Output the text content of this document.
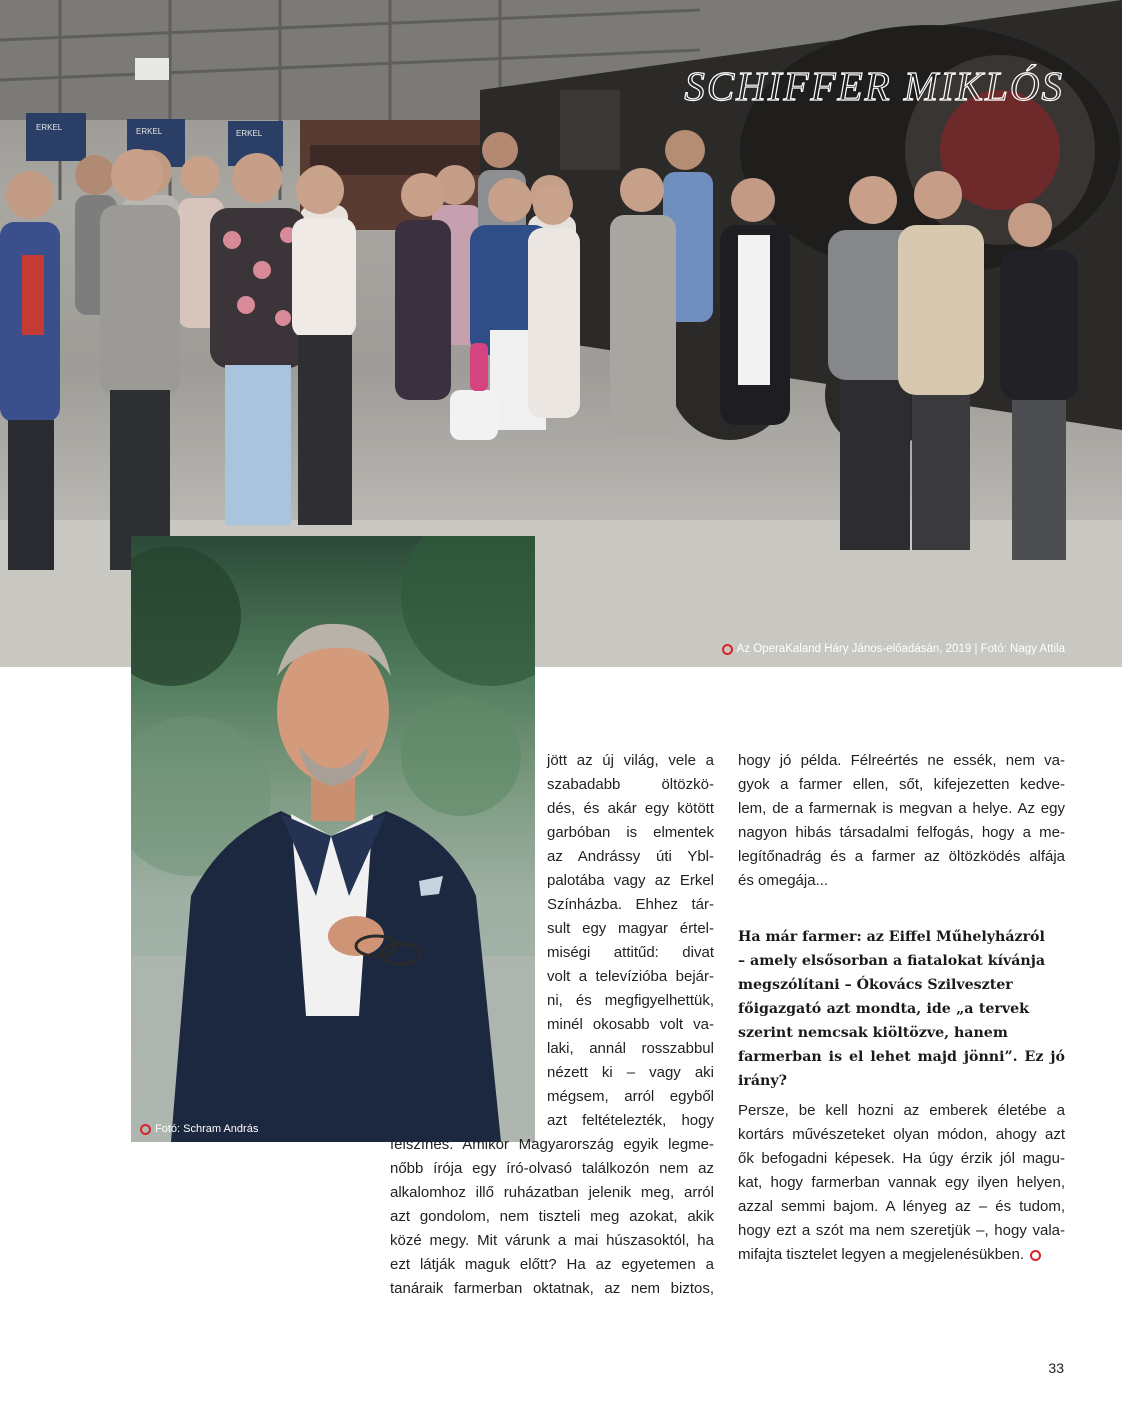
ERKEL	ERKEL	ERKEL
SCHIFFER MIKLÓS
Az OperaKaland Háry János-előadásán, 2019 | Fotó: Nagy Attila
Fotó: Schram András
jött az új világ, vele a
szabadabb öltözkö-
dés, és akár egy kötött
garbóban is elmentek
az Andrássy úti Ybl-
palotába vagy az Erkel
Színházba. Ehhez tár-
sult egy magyar értel-
miségi attitűd: divat
volt a televízióba bejár-
ni, és megfigyelhettük,
minél okosabb volt va-
laki, annál rosszabbul
nézett ki – vagy aki
mégsem, arról egyből
azt feltételezték, hogy
felszínes. Amikor Magyarország egyik legme-
nőbb írója egy író-olvasó találkozón nem az
alkalomhoz illő ruházatban jelenik meg, arról
azt gondolom, nem tiszteli meg azokat, akik
közé megy. Mit várunk a mai húszasoktól, ha
ezt látják maguk előtt? Ha az egyetemen a
tanáraik farmerban oktatnak, az nem biztos,
hogy jó példa. Félreértés ne essék, nem va-
gyok a farmer ellen, sőt, kifejezetten kedve-
lem, de a farmernak is megvan a helye. Az egy
nagyon hibás társadalmi felfogás, hogy a me-
legítőnadrág és a farmer az öltözködés alfája
és omegája...
Ha már farmer: az Eiffel Műhelyházról
– amely elsősorban a fiatalokat kívánja
megszólítani – Ókovács Szilveszter
főigazgató azt mondta, ide „a tervek
szerint nemcsak kiöltözve, hanem
farmerban is el lehet majd jönni”. Ez jó
irány?
Persze, be kell hozni az emberek életébe a
kortárs művészeteket olyan módon, ahogy azt
ők befogadni képesek. Ha úgy érzik jól magu-
kat, hogy farmerban vannak egy ilyen helyen,
azzal semmi bajom. A lényeg az – és tudom,
hogy ezt a szót ma nem szeretjük –, hogy vala-
mifajta tisztelet legyen a megjelenésükben.
33
